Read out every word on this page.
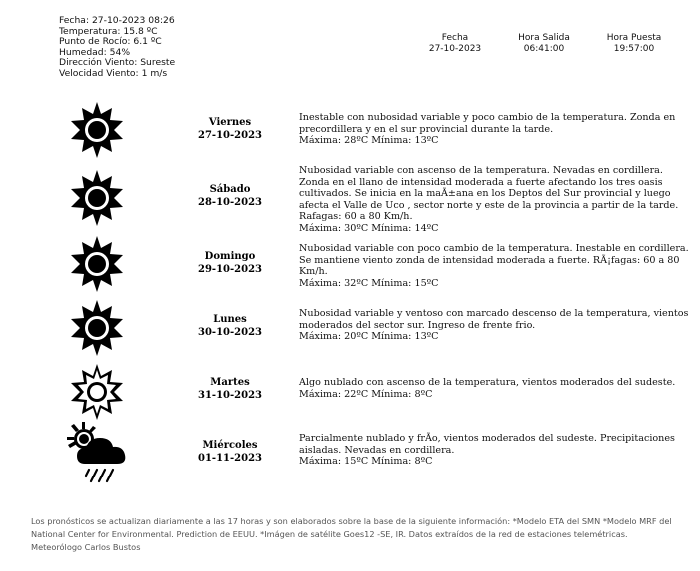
Fecha: 27-10-2023 08:26
Temperatura: 15.8 ºC
Punto de Rocío: 6.1 ºC
Humedad: 54%
Dirección Viento: Sureste
Velocidad Viento: 1 m/s
Fecha
27-10-2023
Hora Salida
06:41:00
Hora Puesta
19:57:00
Viernes
27-10-2023
Inestable con nubosidad variable y poco cambio de la temperatura. Zonda en precordillera y en el sur provincial durante la tarde.
Máxima: 28ºC Mínima: 13ºC
Sábado
28-10-2023
Nubosidad variable con ascenso de la temperatura. Nevadas en cordillera. Zonda en el llano de intensidad moderada a fuerte afectando los tres oasis cultivados. Se inicia en la maÃ±ana en los Deptos del Sur provincial y luego afecta el Valle de Uco , sector norte y este de la provincia a partir de la tarde. Rafagas: 60 a 80 Km/h.
Máxima: 30ºC Mínima: 14ºC
Domingo
29-10-2023
Nubosidad variable con poco cambio de la temperatura. Inestable en cordillera. Se mantiene viento zonda de intensidad moderada a fuerte. RÃ¡fagas: 60 a 80 Km/h.
Máxima: 32ºC Mínima: 15ºC
Lunes
30-10-2023
Nubosidad variable y ventoso con marcado descenso de la temperatura, vientos moderados del sector sur. Ingreso de frente frio.
Máxima: 20ºC Mínima: 13ºC
Martes
31-10-2023
Algo nublado con ascenso de la temperatura, vientos moderados del sudeste.
Máxima: 22ºC Mínima: 8ºC
Miércoles
01-11-2023
Parcialmente nublado y frÃo, vientos moderados del sudeste. Precipitaciones aisladas. Nevadas en cordillera.
Máxima: 15ºC Mínima: 8ºC
Los pronósticos se actualizan diariamente a las 17 horas y son elaborados sobre la base de la siguiente información: *Modelo ETA del SMN *Modelo MRF del National Center for Environmental. Prediction de EEUU. *Imágen de satélite Goes12 -SE, IR. Datos extraídos de la red de estaciones telemétricas.
Meteorólogo Carlos Bustos
